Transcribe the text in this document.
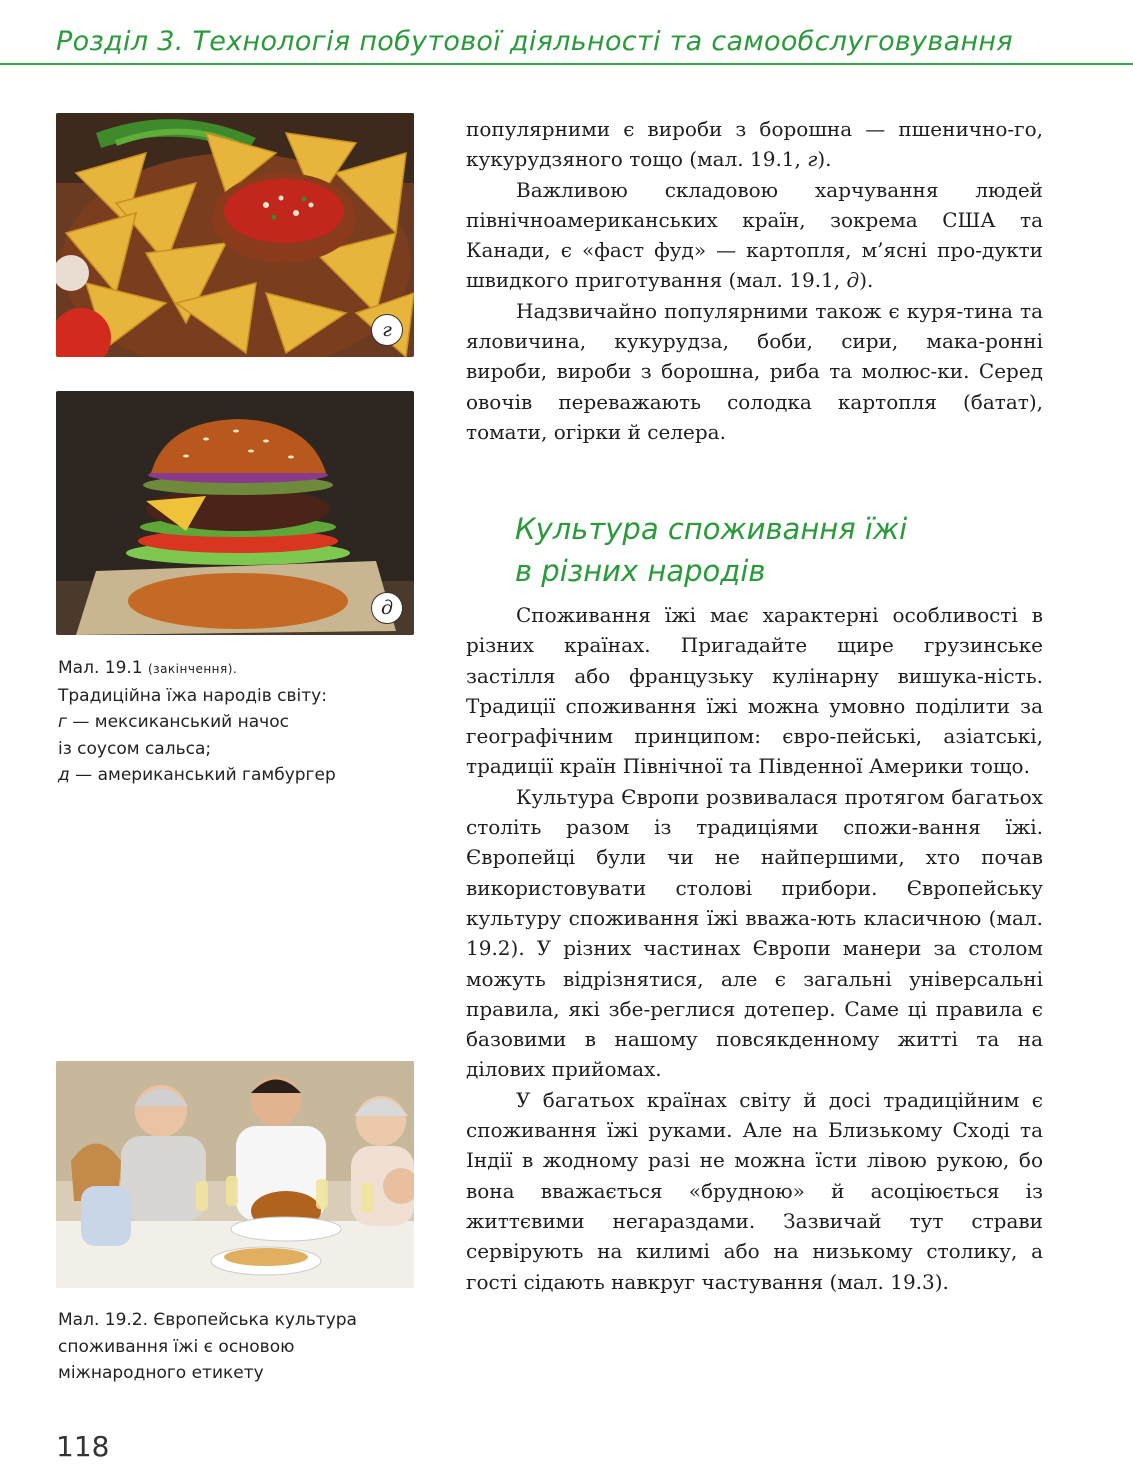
Розділ 3. Технологія побутової діяльності та самообслуговування
г
д
Мал. 19.1 (закінчення).
Традиційна їжа народів світу:
г — мексиканський начос
із соусом сальса;
д — американський гамбургер
Мал. 19.2. Європейська культура
споживання їжі є основою
міжнародного етикету

популярними є вироби з борошна — пшенично-го, кукурудзяного тощо (мал. 19.1, г).

Важливою складовою харчування людей північноамериканських країн, зокрема США та Канади, є «фаст фуд» — картопля, м’ясні про-дукти швидкого приготування (мал. 19.1, д).

Надзвичайно популярними також є куря-тина та яловичина, кукурудза, боби, сири, мака-ронні вироби, вироби з борошна, риба та молюс-ки. Серед овочів переважають солодка картопля (батат), томати, огірки й селера.

Культура споживання їжі
в різних народів

Споживання їжі має характерні особливості в різних країнах. Пригадайте щире грузинське застілля або французьку кулінарну вишука-ність. Традиції споживання їжі можна умовно поділити за географічним принципом: євро-пейські, азіатські, традиції країн Північної та Південної Америки тощо.

Культура Європи розвивалася протягом багатьох століть разом із традиціями спожи-вання їжі. Європейці були чи не найпершими, хто почав використовувати столові прибори. Європейську культуру споживання їжі вважа-ють класичною (мал. 19.2). У різних частинах Європи манери за столом можуть відрізнятися, але є загальні універсальні правила, які збе-реглися дотепер. Саме ці правила є базовими в нашому повсякденному житті та на ділових прийомах.

У багатьох країнах світу й досі традиційним є споживання їжі руками. Але на Близькому Сході та Індії в жодному разі не можна їсти лівою рукою, бо вона вважається «брудною» й асоціюється із життєвими негараздами. Зазвичай тут страви сервірують на килимі або на низькому столику, а гості сідають навкруг частування (мал. 19.3).

118
